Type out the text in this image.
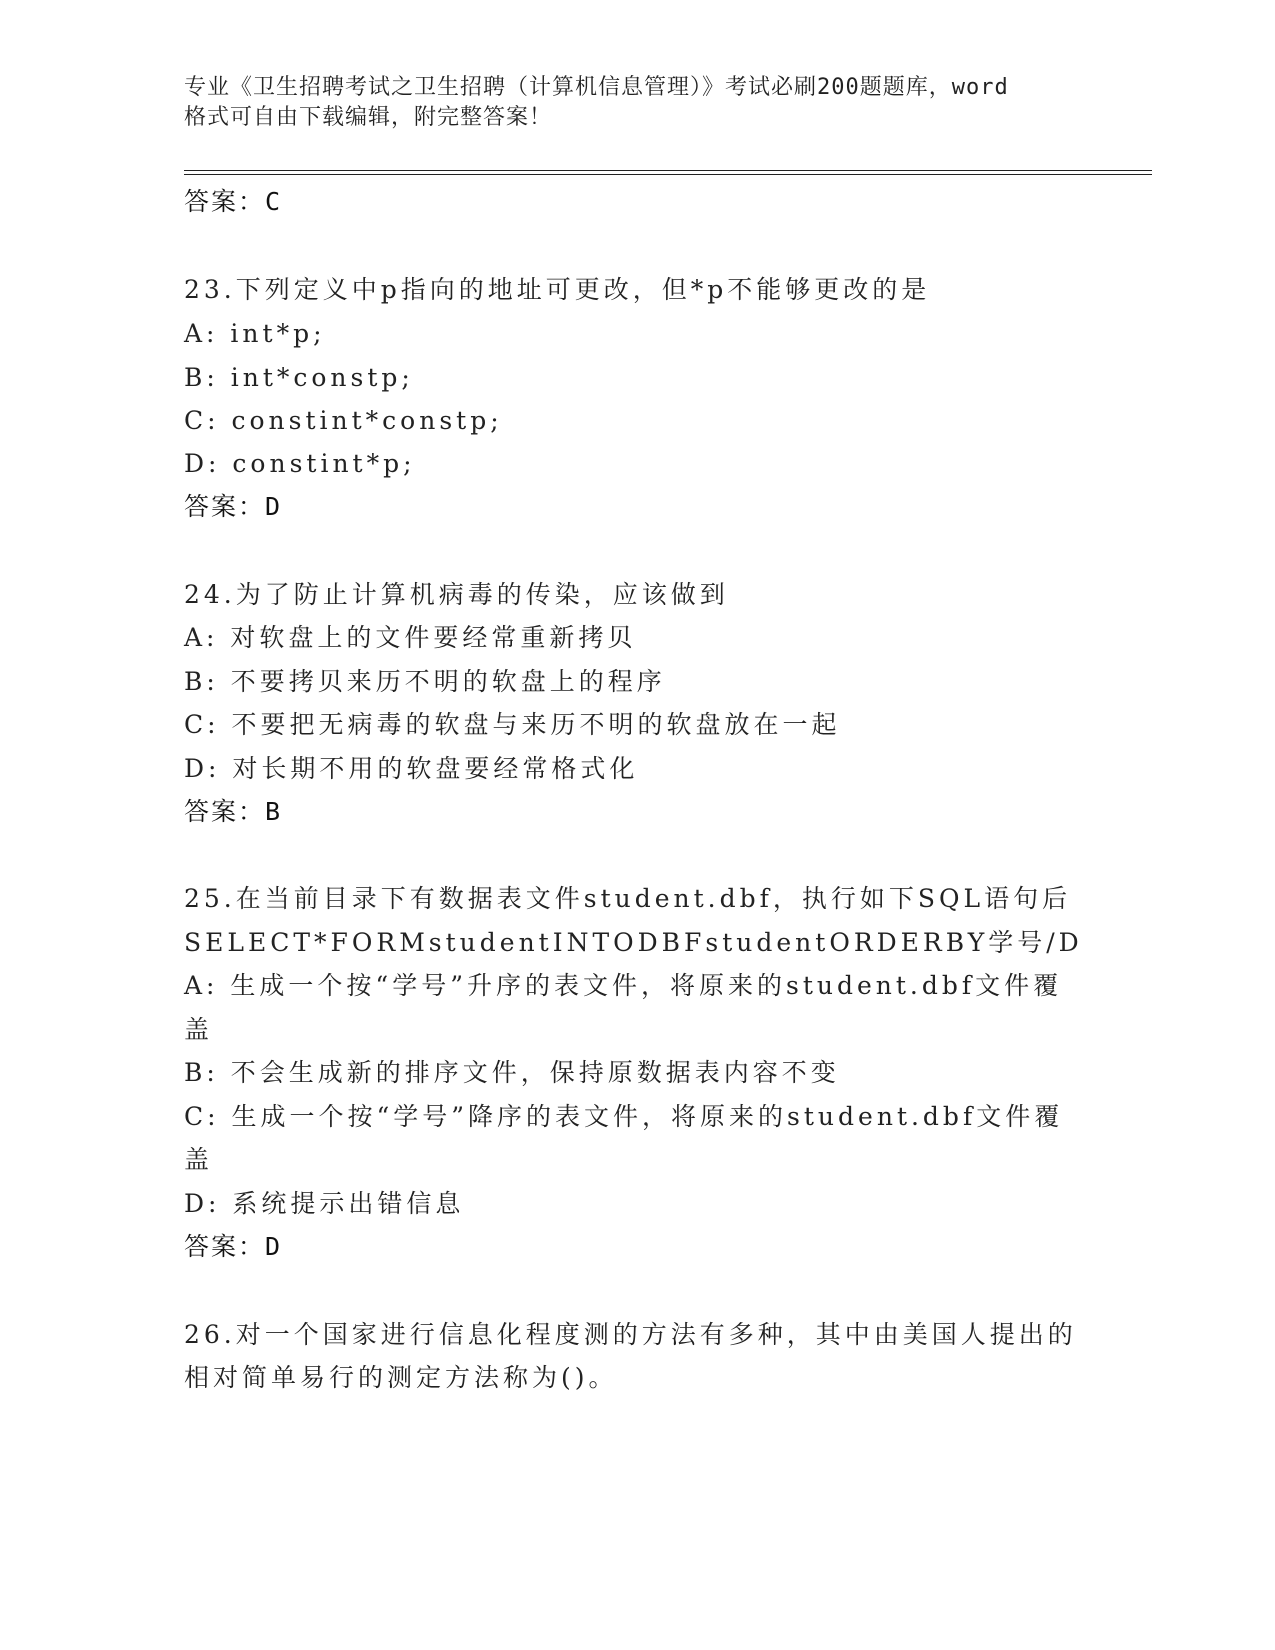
专业《卫生招聘考试之卫生招聘（计算机信息管理）》考试必刷200题题库，word
格式可自由下载编辑，附完整答案！
答案：C
23.下列定义中p指向的地址可更改，但*p不能够更改的是
A: int*p;
B: int*constp;
C: constint*constp;
D: constint*p;
答案：D
24.为了防止计算机病毒的传染，应该做到
A: 对软盘上的文件要经常重新拷贝
B: 不要拷贝来历不明的软盘上的程序
C: 不要把无病毒的软盘与来历不明的软盘放在一起
D: 对长期不用的软盘要经常格式化
答案：B
25.在当前目录下有数据表文件student.dbf，执行如下SQL语句后
SELECT*FORMstudentINTODBFstudentORDERBY学号/D
A: 生成一个按“学号”升序的表文件，将原来的student.dbf文件覆
盖
B: 不会生成新的排序文件，保持原数据表内容不变
C: 生成一个按“学号”降序的表文件，将原来的student.dbf文件覆
盖
D: 系统提示出错信息
答案：D
26.对一个国家进行信息化程度测的方法有多种，其中由美国人提出的
相对简单易行的测定方法称为()。
